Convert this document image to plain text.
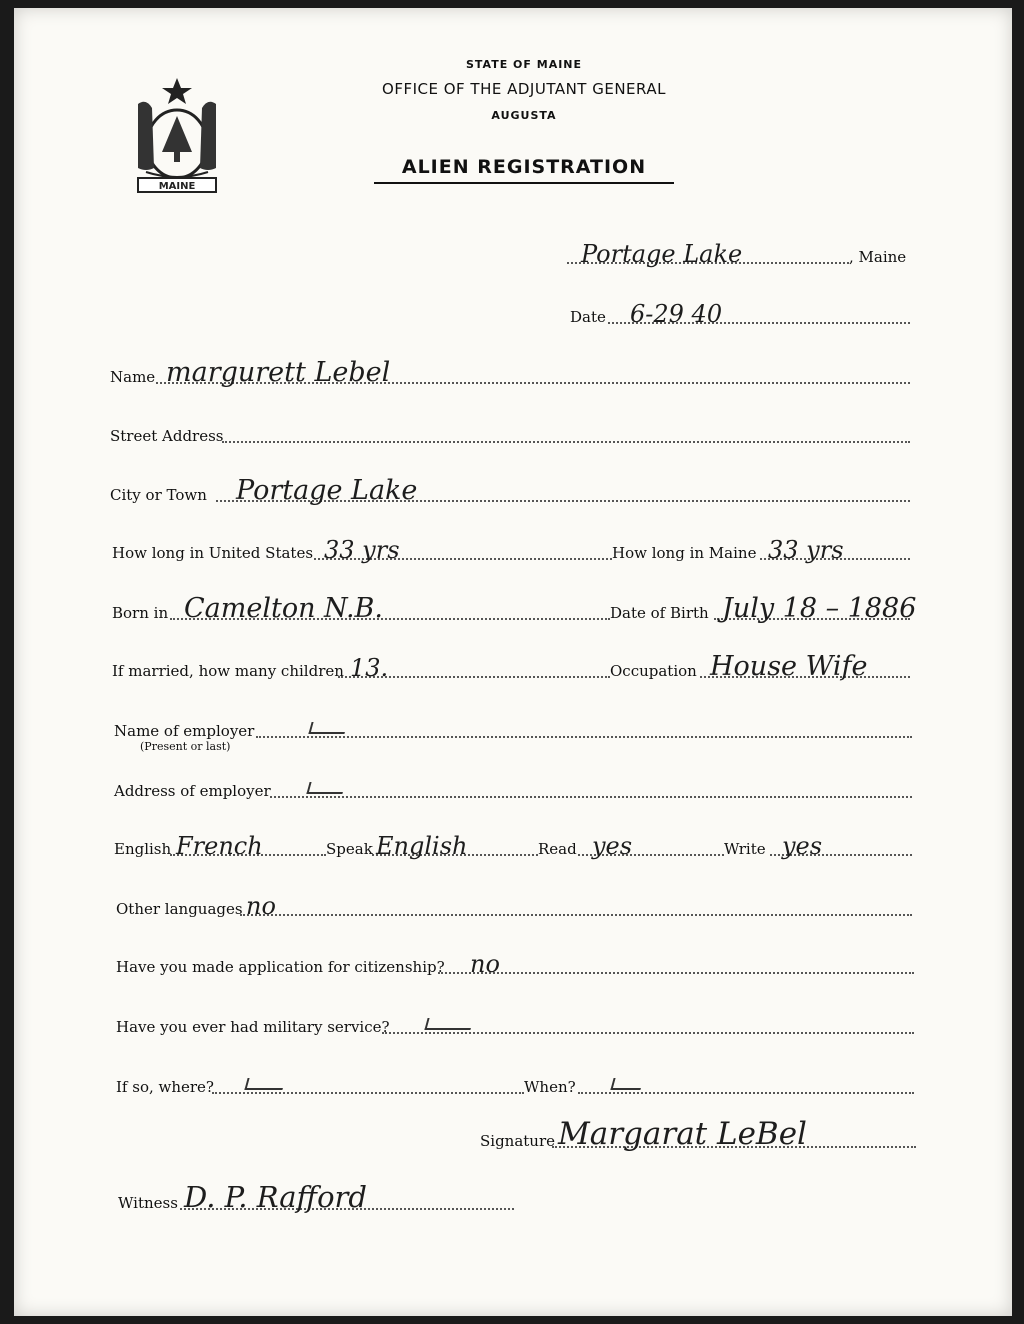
MAINE
STATE OF MAINE
OFFICE OF THE ADJUTANT GENERAL
AUGUSTA
ALIEN REGISTRATION
Portage Lake	, Maine
Date 6-29 40
Name margurett Lebel
Street Address
City or Town Portage Lake
How long in United States 33 yrs	How long in Maine 33 yrs
Born in Camelton N.B.	Date of Birth July 18 – 1886
If married, how many children 13.	Occupation House Wife
Name of employer
(Present or last)
Address of employer
English French	Speak English	Read yes	Write yes
Other languages no
Have you made application for citizenship? no
Have you ever had military service?
If so, where?	When?
Signature Margarat LeBel
Witness D. P. Rafford
